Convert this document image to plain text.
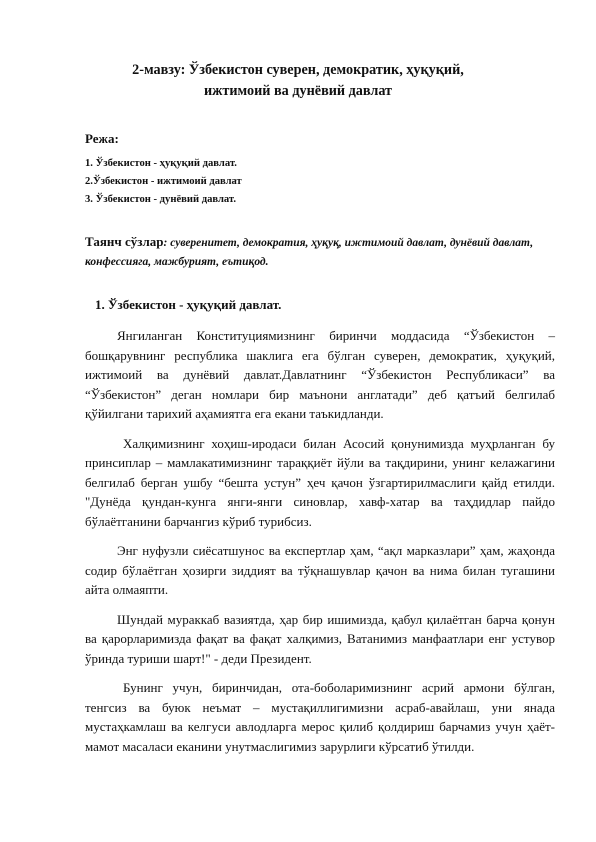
2-мавзу: Ўзбекистон суверен, демократик, ҳуқуқий,
ижтимоий ва дунёвий давлат
Режа:
1. Ўзбекистон - ҳуқуқий давлат.
2.Ўзбекистон - ижтимоий давлат
3. Ўзбекистон - дунёвий давлат.
Таянч сўзлар: суверенитет, демократия, ҳуқуқ, ижтимоий давлат, дунёвий давлат, конфессияга, мажбурият, еътиқод.
1. Ўзбекистон - ҳуқуқий давлат.

Янгиланган Конституциямизнинг биринчи моддасида “Ўзбекистон – бошқарувнинг республика шаклига ега бўлган суверен, демократик, ҳуқуқий, ижтимоий ва дунёвий давлат.Давлатнинг “Ўзбекистон Республикаси” ва “Ўзбекистон” деган номлари бир маънони англатади” деб қатъий белгилаб қўйилгани тарихий аҳамиятга ега екани таъкидланди.

Халқимизнинг хоҳиш-иродаси билан Асосий қонунимизда муҳрланган бу принсиплар – мамлакатимизнинг тараққиёт йўли ва тақдирини, унинг келажагини белгилаб берган ушбу “бешта устун” ҳеч қачон ўзгартирилмаслиги қайд етилди. "Дунёда қундан-кунга янги-янги синовлар, хавф-хатар ва таҳдидлар пайдо бўлаётганини барчангиз кўриб турибсиз.

Энг нуфузли сиёсатшунос ва експертлар ҳам, “ақл марказлари” ҳам, жаҳонда содир бўлаётган ҳозирги зиддият ва тўқнашувлар қачон ва нима билан тугашини айта олмаяпти.

Шундай мураккаб вазиятда, ҳар бир ишимизда, қабул қилаётган барча қонун ва қарорларимизда фақат ва фақат халқимиз, Ватанимиз манфаатлари енг устувор ўринда туриши шарт!" - деди Президент.

Бунинг учун, биринчидан, ота-боболаримизнинг асрий армони бўлган, тенгсиз ва буюк неъмат – мустақиллигимизни асраб-авайлаш, уни янада мустаҳкамлаш ва келгуси авлодларга мерос қилиб қолдириш барчамиз учун ҳаёт-мамот масаласи еканини унутмаслигимиз зарурлиги кўрсатиб ўтилди.
